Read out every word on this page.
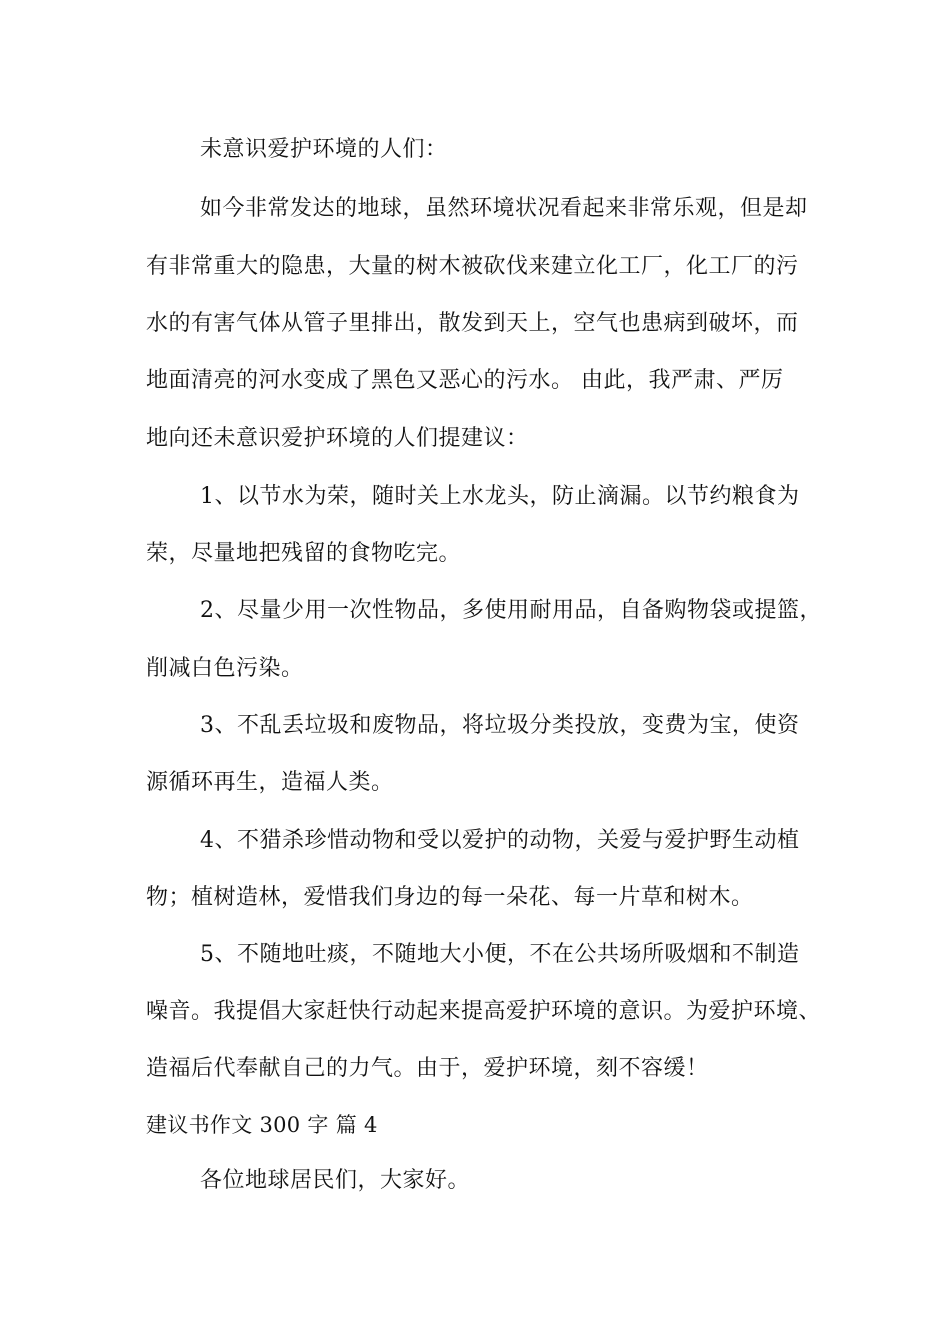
未意识爱护环境的人们：
如今非常发达的地球，虽然环境状况看起来非常乐观，但是却
有非常重大的隐患，大量的树木被砍伐来建立化工厂，化工厂的污
水的有害气体从管子里排出，散发到天上，空气也患病到破坏，而
地面清亮的河水变成了黑色又恶心的污水。 由此，我严肃、严厉
地向还未意识爱护环境的人们提建议：
1、以节水为荣，随时关上水龙头，防止滴漏。以节约粮食为
荣，尽量地把残留的食物吃完。
2、尽量少用一次性物品，多使用耐用品，自备购物袋或提篮，
削减白色污染。
3、不乱丢垃圾和废物品，将垃圾分类投放，变费为宝，使资
源循环再生，造福人类。
4、不猎杀珍惜动物和受以爱护的动物，关爱与爱护野生动植
物；植树造林，爱惜我们身边的每一朵花、每一片草和树木。
5、不随地吐痰，不随地大小便，不在公共场所吸烟和不制造
噪音。我提倡大家赶快行动起来提高爱护环境的意识。为爱护环境、
造福后代奉献自己的力气。由于，爱护环境，刻不容缓！
建议书作文 300 字 篇 4
各位地球居民们，大家好。
